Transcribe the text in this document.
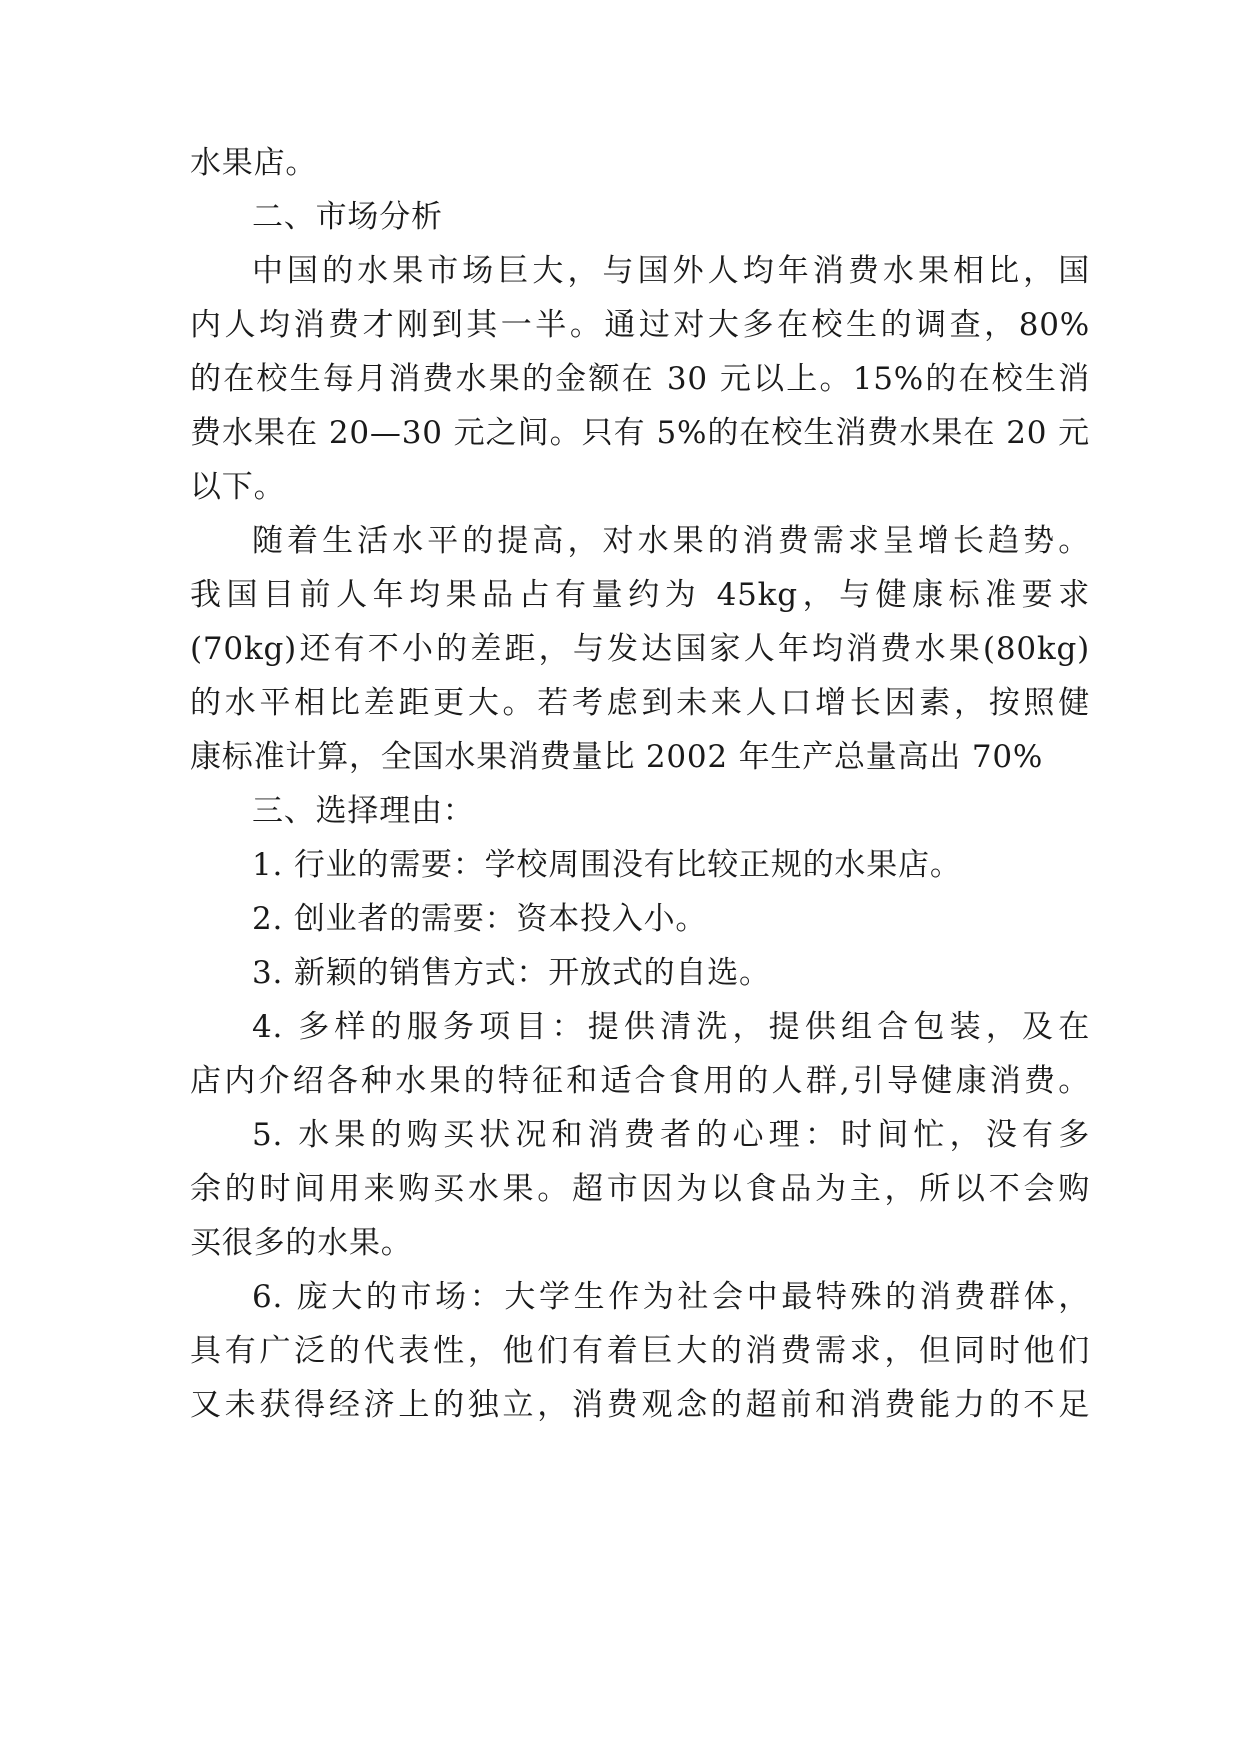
水果店。

二、市场分析

中国的水果市场巨大，与国外人均年消费水果相比，国

内人均消费才刚到其一半。通过对大多在校生的调查，80%

的在校生每月消费水果的金额在 30 元以上。15%的在校生消

费水果在 20—30 元之间。只有 5%的在校生消费水果在 20 元

以下。

随着生活水平的提高，对水果的消费需求呈增长趋势。

我国目前人年均果品占有量约为 45kg，与健康标准要求

(70kg)还有不小的差距，与发达国家人年均消费水果(80kg)

的水平相比差距更大。若考虑到未来人口增长因素，按照健

康标准计算，全国水果消费量比 2002 年生产总量高出 70%

三、选择理由：

1. 行业的需要：学校周围没有比较正规的水果店。

2. 创业者的需要：资本投入小。

3. 新颖的销售方式：开放式的自选。

4. 多样的服务项目：提供清洗，提供组合包装，及在

店内介绍各种水果的特征和适合食用的人群,引导健康消费。

5. 水果的购买状况和消费者的心理：时间忙，没有多

余的时间用来购买水果。超市因为以食品为主，所以不会购

买很多的水果。

6. 庞大的市场：大学生作为社会中最特殊的消费群体，

具有广泛的代表性，他们有着巨大的消费需求，但同时他们

又未获得经济上的独立，消费观念的超前和消费能力的不足
